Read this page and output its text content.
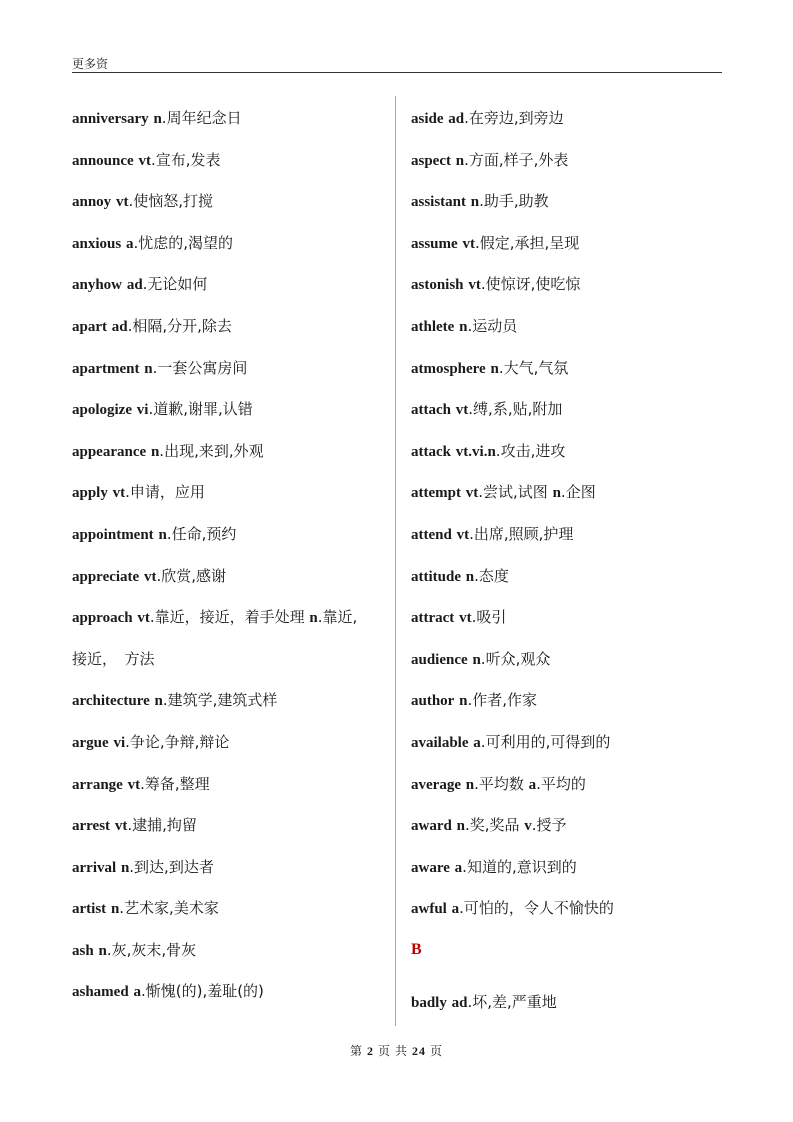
更多资
anniversary n.周年纪念日
announce vt.宣布,发表
annoy vt.使恼怒,打搅
anxious a.忧虑的,渴望的
anyhow ad.无论如何
apart ad.相隔,分开,除去
apartment n.一套公寓房间
apologize vi.道歉,谢罪,认错
appearance n.出现,来到,外观
apply vt.申请，应用
appointment n.任命,预约
appreciate vt.欣赏,感谢
approach vt.靠近，接近，着手处理 n.靠近,
接近，　方法
architecture n.建筑学,建筑式样
argue vi.争论,争辩,辩论
arrange vt.筹备,整理
arrest vt.逮捕,拘留
arrival n.到达,到达者
artist n.艺术家,美术家
ash n.灰,灰末,骨灰
ashamed a.惭愧(的),羞耻(的)
aside ad.在旁边,到旁边
aspect n.方面,样子,外表
assistant n.助手,助教
assume vt.假定,承担,呈现
astonish vt.使惊讶,使吃惊
athlete n.运动员
atmosphere n.大气,气氛
attach vt.缚,系,贴,附加
attack vt.vi.n.攻击,进攻
attempt vt.尝试,试图 n.企图
attend vt.出席,照顾,护理
attitude n.态度
attract vt.吸引
audience n.听众,观众
author n.作者,作家
available a.可利用的,可得到的
average n.平均数 a.平均的
award n.奖,奖品 v.授予
aware a.知道的,意识到的
awful a.可怕的，令人不愉快的
B
badly ad.坏,差,严重地
第 2 页 共 24 页
